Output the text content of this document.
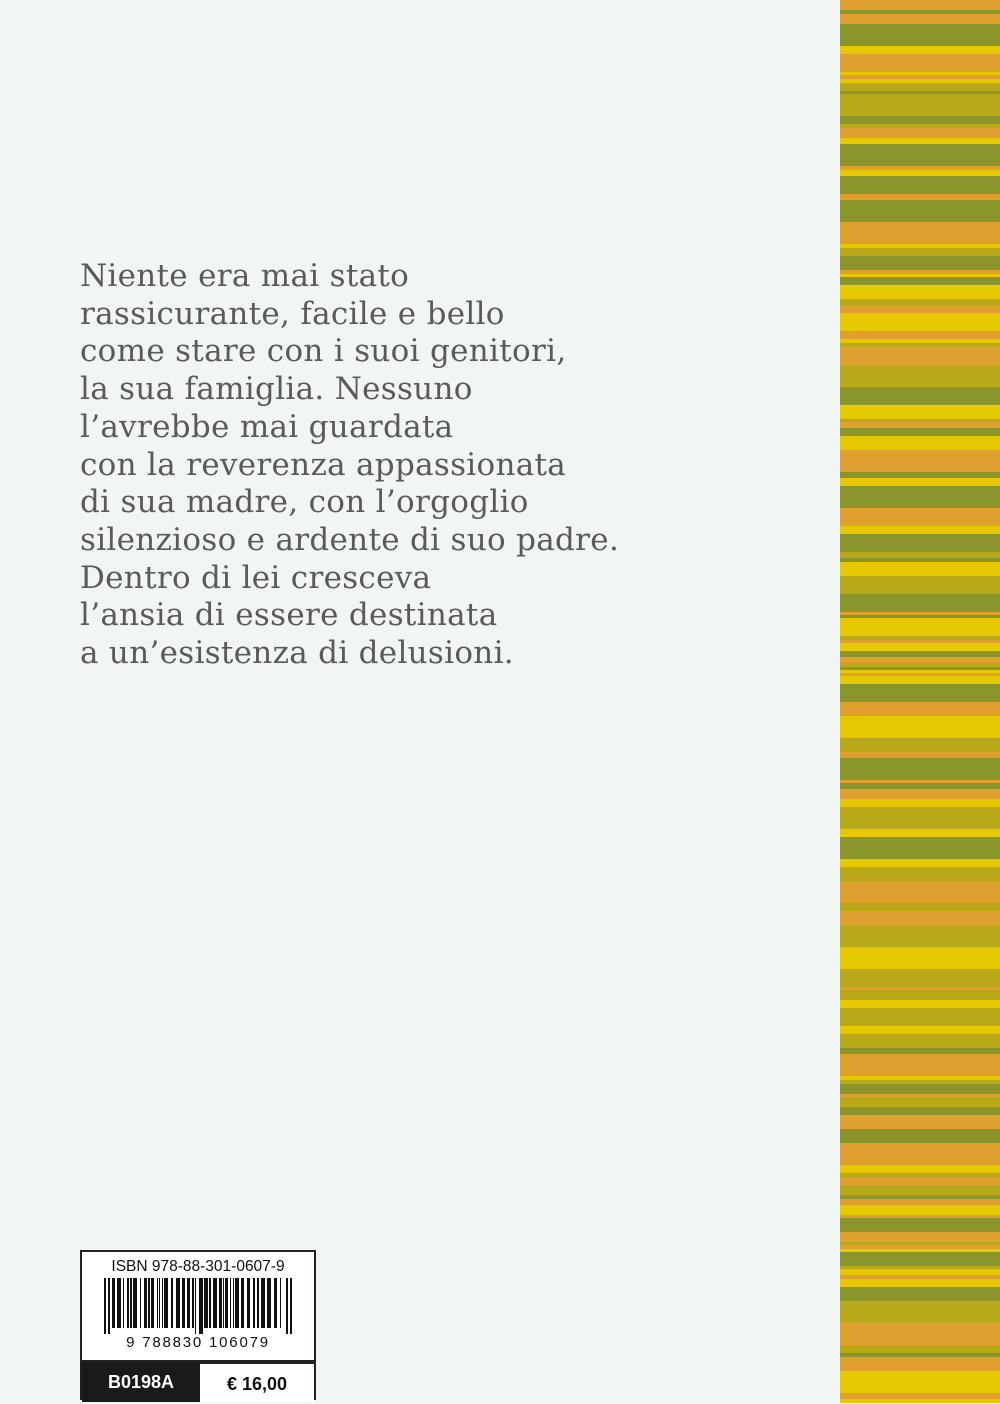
Niente era mai stato
rassicurante, facile e bello
come stare con i suoi genitori,
la sua famiglia. Nessuno
l’avrebbe mai guardata
con la reverenza appassionata
di sua madre, con l’orgoglio
silenzioso e ardente di suo padre.
Dentro di lei cresceva
l’ansia di essere destinata
a un’esistenza di delusioni.
ISBN 978-88-301-0607-9
9 788830 106079
B0198A	€ 16,00
